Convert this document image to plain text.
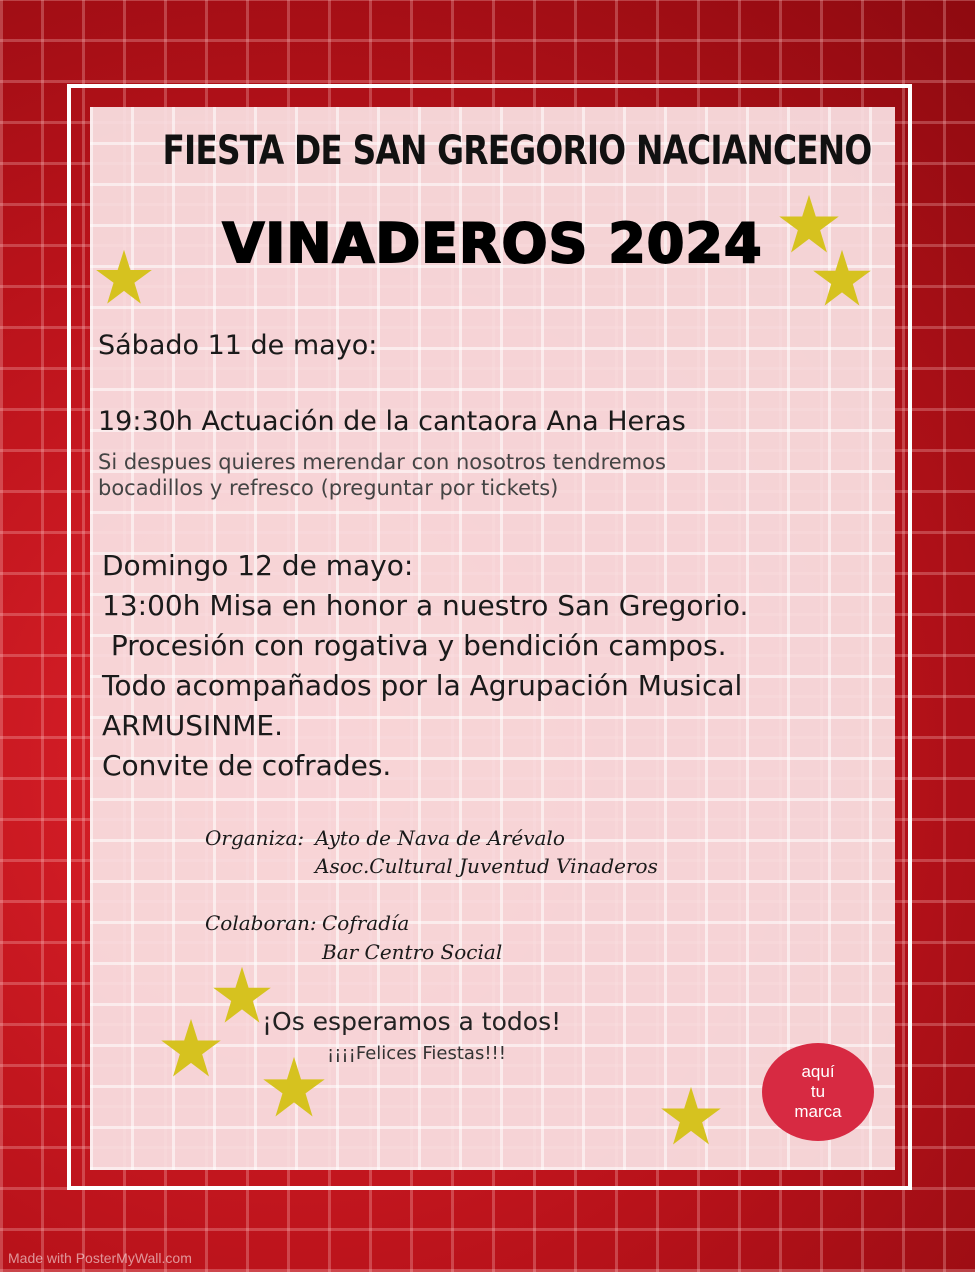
FIESTA DE SAN GREGORIO NACIANCENO
VINADEROS 2024
Sábado 11 de mayo:
19:30h Actuación de la cantaora Ana Heras
Si despues quieres merendar con nosotros tendremos
bocadillos y refresco (preguntar por tickets)
Domingo 12 de mayo:
13:00h Misa en honor a nuestro San Gregorio.
Procesión con rogativa y bendición campos.
Todo acompañados por la Agrupación Musical
ARMUSINME.
Convite de cofrades.
Organiza: Ayto de Nava de Arévalo
Asoc.Cultural Juventud Vinaderos
Colaboran: Cofradía
Bar Centro Social
¡Os esperamos a todos!
¡¡¡¡Felices Fiestas!!!
aquí
tu
marca
Made with PosterMyWall.com
